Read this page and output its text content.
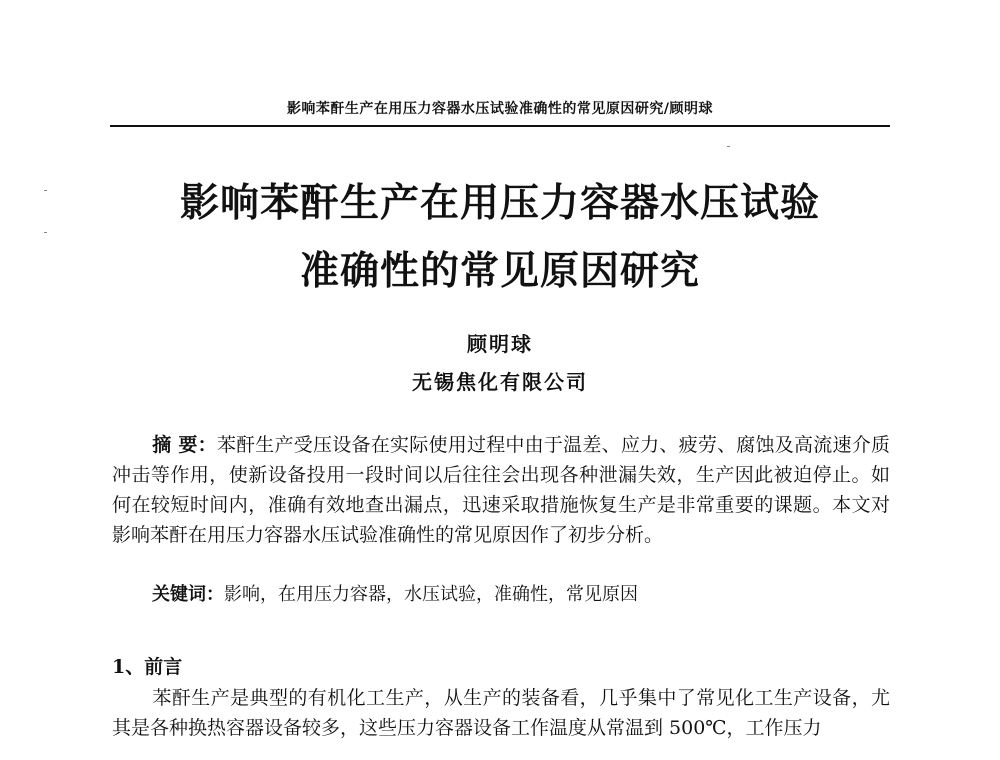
影响苯酐生产在用压力容器水压试验准确性的常见原因研究/顾明球
影响苯酐生产在用压力容器水压试验
准确性的常见原因研究
顾明球
无锡焦化有限公司
摘 要：苯酐生产受压设备在实际使用过程中由于温差、应力、疲劳、腐蚀及高流速介质冲击等作用，使新设备投用一段时间以后往往会出现各种泄漏失效，生产因此被迫停止。如何在较短时间内，准确有效地查出漏点，迅速采取措施恢复生产是非常重要的课题。本文对影响苯酐在用压力容器水压试验准确性的常见原因作了初步分析。
关键词：影响，在用压力容器，水压试验，准确性，常见原因
1、前言
苯酐生产是典型的有机化工生产，从生产的装备看，几乎集中了常见化工生产设备，尤其是各种换热容器设备较多，这些压力容器设备工作温度从常温到 500℃，工作压力
